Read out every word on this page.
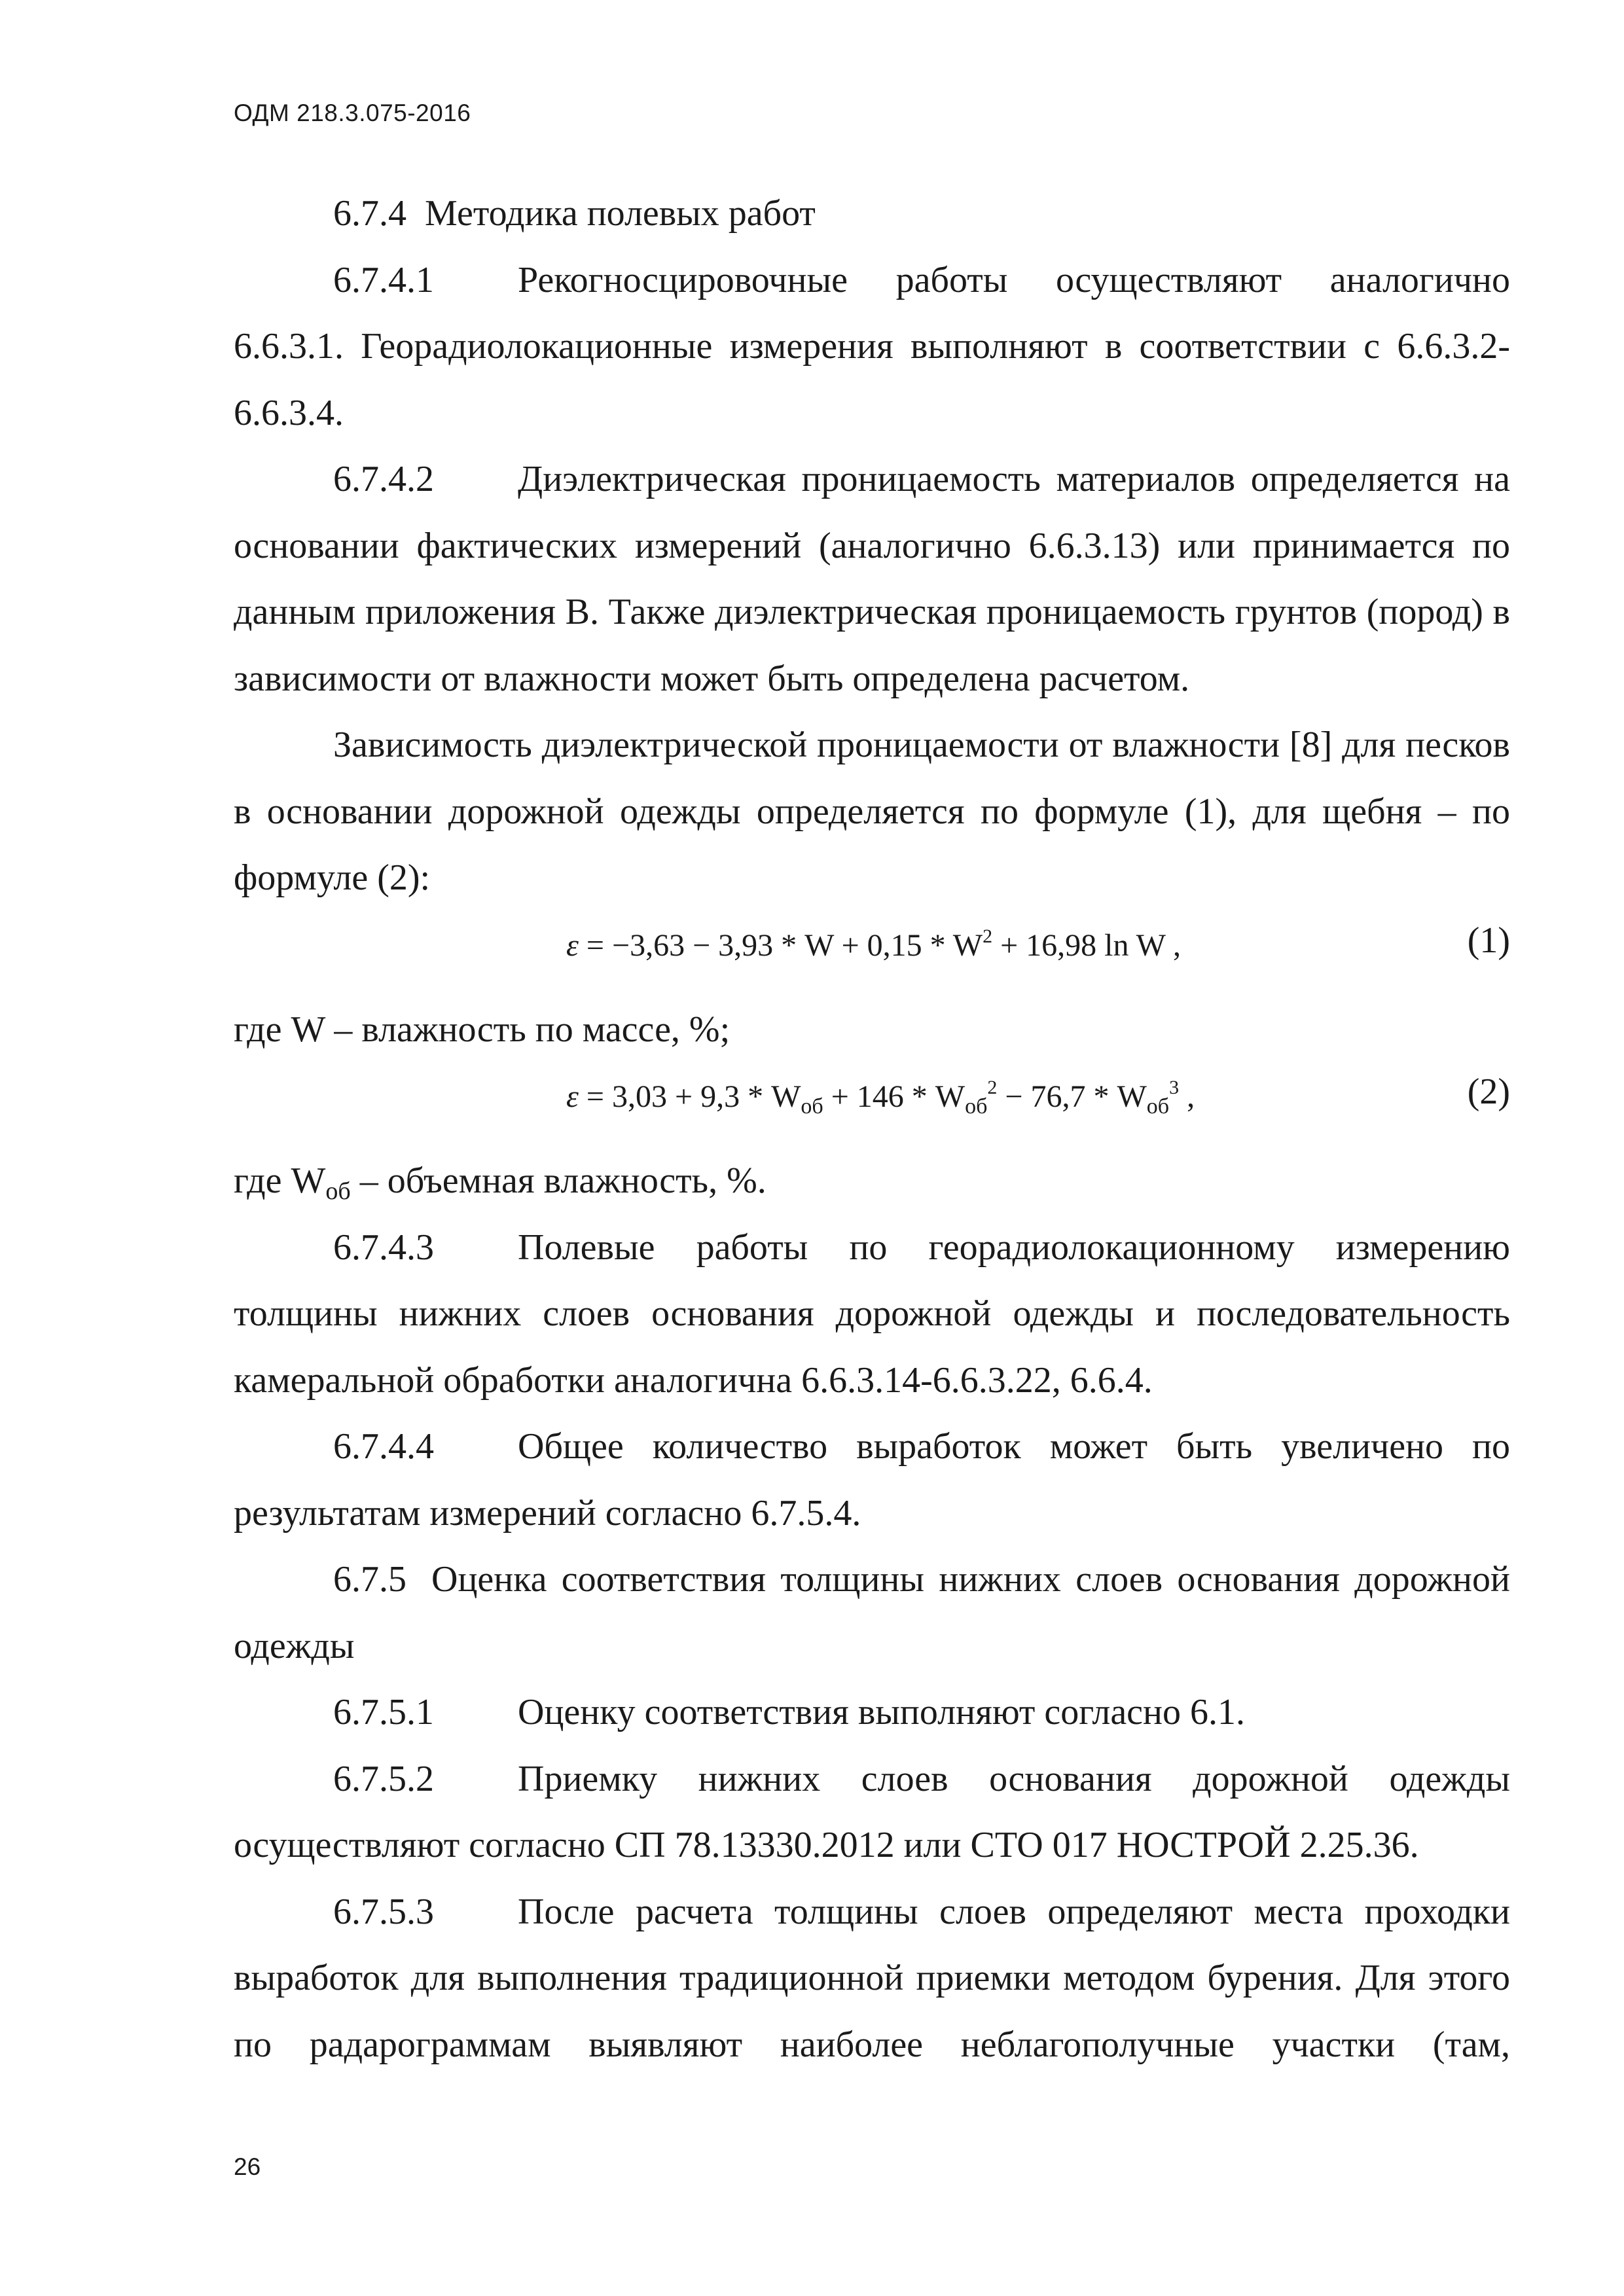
ОДМ 218.3.075-2016

6.7.4 Методика полевых работ

6.7.4.1 Рекогносцировочные работы осуществляют аналогично 6.6.3.1. Георадиолокационные измерения выполняют в соответствии с 6.6.3.2-6.6.3.4.

6.7.4.2 Диэлектрическая проницаемость материалов определяется на основании фактических измерений (аналогично 6.6.3.13) или принимается по данным приложения В. Также диэлектрическая проницаемость грунтов (пород) в зависимости от влажности может быть определена расчетом.

Зависимость диэлектрической проницаемости от влажности [8] для песков в основании дорожной одежды определяется по формуле (1), для щебня – по формуле (2):

$\varepsilon = -3,63 - 3,93 * W + 0,15 * W^2 + 16,98$ ln W ,	(1)

где W – влажность по массе, %;

$\varepsilon = 3,03 + 9,3 * W_{об} + 146 * W_{об}^2 - 76,7 * W_{об}^3$ ,	(2)

где $W_{об}$ – объемная влажность, %.

6.7.4.3 Полевые работы по георадиолокационному измерению толщины нижних слоев основания дорожной одежды и последовательность камеральной обработки аналогична 6.6.3.14-6.6.3.22, 6.6.4.

6.7.4.4 Общее количество выработок может быть увеличено по результатам измерений согласно 6.7.5.4.

6.7.5 Оценка соответствия толщины нижних слоев основания дорожной одежды

6.7.5.1 Оценку соответствия выполняют согласно 6.1.

6.7.5.2 Приемку нижних слоев основания дорожной одежды осуществляют согласно СП 78.13330.2012 или СТО 017 НОСТРОЙ 2.25.36.

6.7.5.3 После расчета толщины слоев определяют места проходки выработок для выполнения традиционной приемки методом бурения. Для этого по радарограммам выявляют наиболее неблагополучные участки (там,

26
